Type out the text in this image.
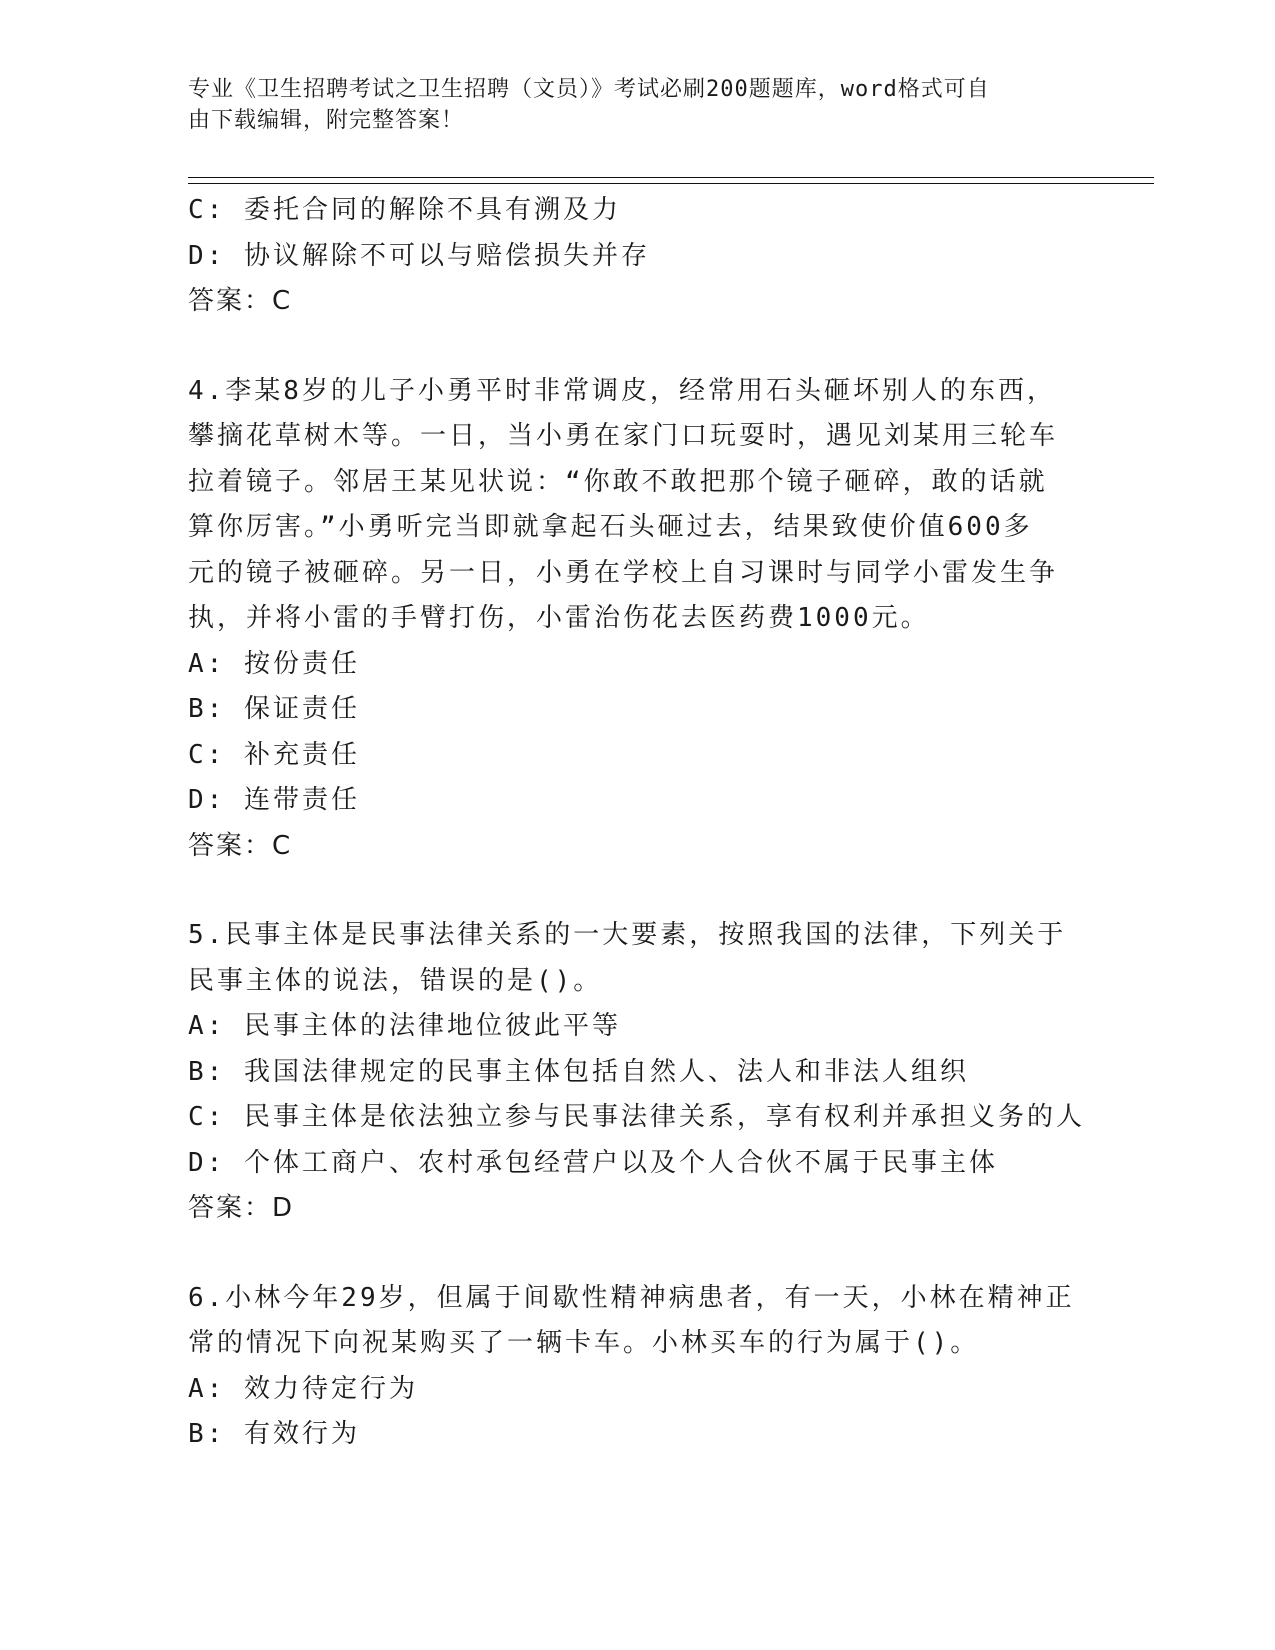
专业《卫生招聘考试之卫生招聘（文员）》考试必刷200题题库，word格式可自
由下载编辑，附完整答案！
C: 委托合同的解除不具有溯及力
D: 协议解除不可以与赔偿损失并存
答案：C
4.李某8岁的儿子小勇平时非常调皮，经常用石头砸坏别人的东西，
攀摘花草树木等。一日，当小勇在家门口玩耍时，遇见刘某用三轮车
拉着镜子。邻居王某见状说：“你敢不敢把那个镜子砸碎，敢的话就
算你厉害。”小勇听完当即就拿起石头砸过去，结果致使价值600多
元的镜子被砸碎。另一日，小勇在学校上自习课时与同学小雷发生争
执，并将小雷的手臂打伤，小雷治伤花去医药费1000元。
A: 按份责任
B: 保证责任
C: 补充责任
D: 连带责任
答案：C
5.民事主体是民事法律关系的一大要素，按照我国的法律，下列关于
民事主体的说法，错误的是()。
A: 民事主体的法律地位彼此平等
B: 我国法律规定的民事主体包括自然人、法人和非法人组织
C: 民事主体是依法独立参与民事法律关系，享有权利并承担义务的人
D: 个体工商户、农村承包经营户以及个人合伙不属于民事主体
答案：D
6.小林今年29岁，但属于间歇性精神病患者，有一天，小林在精神正
常的情况下向祝某购买了一辆卡车。小林买车的行为属于()。
A: 效力待定行为
B: 有效行为
